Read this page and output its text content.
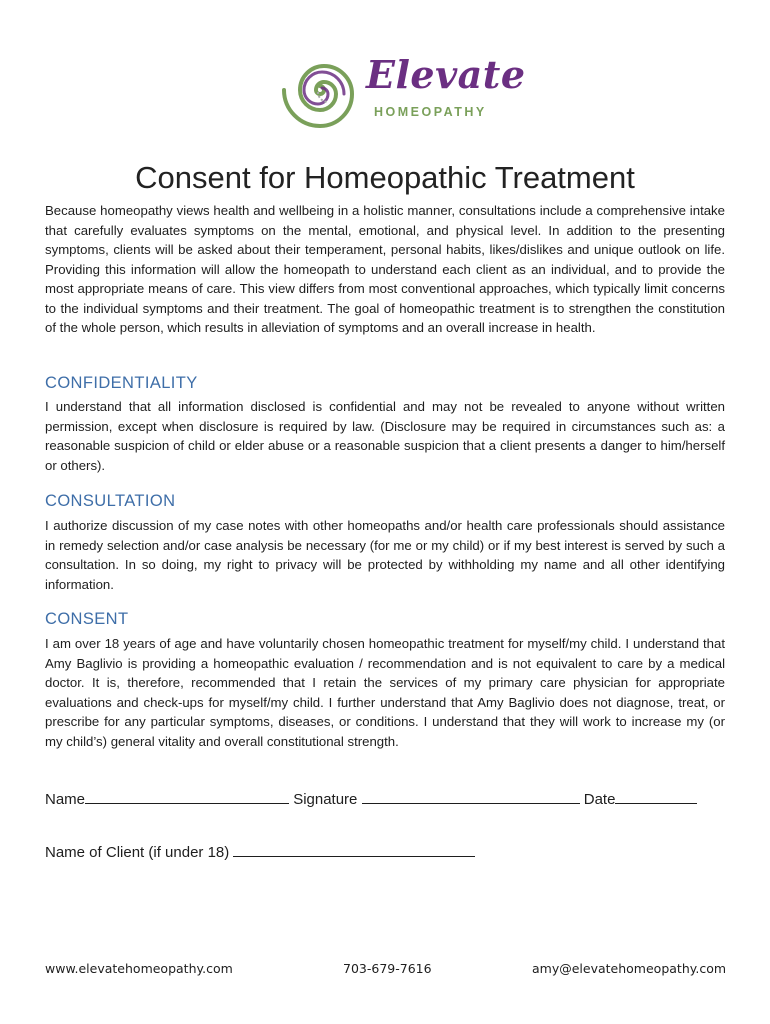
Elevate
HOMEOPATHY
Consent for Homeopathic Treatment

Because homeopathy views health and wellbeing in a holistic manner, consultations include a comprehensive intake that carefully evaluates symptoms on the mental, emotional, and physical level. In addition to the presenting symptoms, clients will be asked about their temperament, personal habits, likes/dislikes and unique outlook on life. Providing this information will allow the homeopath to understand each client as an individual, and to provide the most appropriate means of care. This view differs from most conventional approaches, which typically limit concerns to the individual symptoms and their treatment. The goal of homeopathic treatment is to strengthen the constitution of the whole person, which results in alleviation of symptoms and an overall increase in health.

CONFIDENTIALITY

I understand that all information disclosed is confidential and may not be revealed to anyone without written permission, except when disclosure is required by law. (Disclosure may be required in circumstances such as: a reasonable suspicion of child or elder abuse or a reasonable suspicion that a client presents a danger to him/herself or others).

CONSULTATION

I authorize discussion of my case notes with other homeopaths and/or health care professionals should assistance in remedy selection and/or case analysis be necessary (for me or my child) or if my best interest is served by such a consultation. In so doing, my right to privacy will be protected by withholding my name and all other identifying information.

CONSENT

I am over 18 years of age and have voluntarily chosen homeopathic treatment for myself/my child. I understand that Amy Baglivio is providing a homeopathic evaluation / recommendation and is not equivalent to care by a medical doctor. It is, therefore, recommended that I retain the services of my primary care physician for appropriate evaluations and check-ups for myself/my child. I further understand that Amy Baglivio does not diagnose, treat, or prescribe for any particular symptoms, diseases, or conditions. I understand that they will work to increase my (or my child’s) general vitality and overall constitutional strength.

Name	Signature	Date
Name of Client (if under 18)
www.elevatehomeopathy.com	703-679-7616	amy@elevatehomeopathy.com
